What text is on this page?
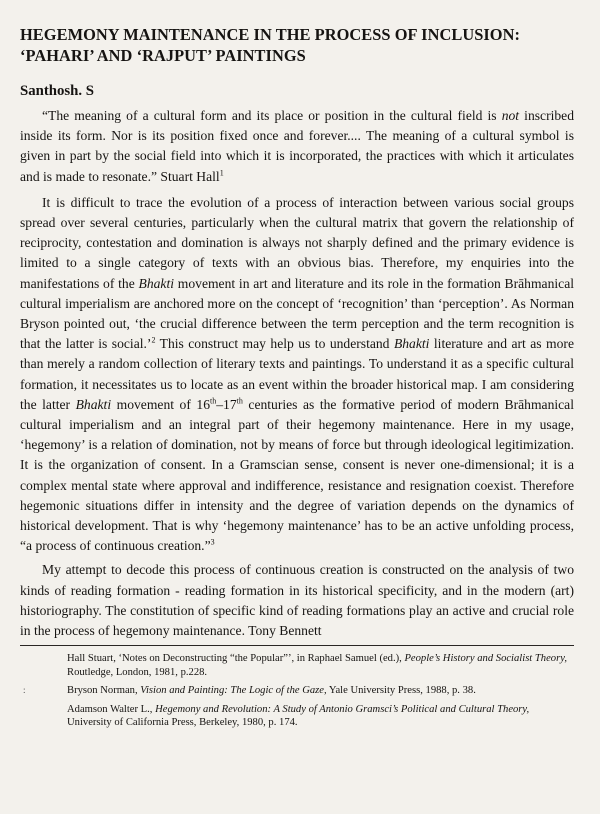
HEGEMONY MAINTENANCE IN THE PROCESS OF INCLUSION:
‘PAHARI’ AND ‘RAJPUT’ PAINTINGS
Santhosh. S

“The meaning of a cultural form and its place or position in the cultural field is not inscribed inside its form. Nor is its position fixed once and forever.... The meaning of a cultural symbol is given in part by the social field into which it is incorporated, the practices with which it articulates and is made to resonate.” Stuart Hall$^1$

It is difficult to trace the evolution of a process of interaction between various social groups spread over several centuries, particularly when the cultural matrix that govern the relationship of reciprocity, contestation and domination is always not sharply defined and the primary evidence is limited to a single category of texts with an obvious bias. Therefore, my enquiries into the manifestations of the Bhakti movement in art and literature and its role in the formation Brāhmanical cultural imperialism are anchored more on the concept of ‘recognition’ than ‘perception’. As Norman Bryson pointed out, ‘the crucial difference between the term perception and the term recognition is that the latter is social.’$^2$ This construct may help us to understand Bhakti literature and art as more than merely a random collection of literary texts and paintings. To understand it as a specific cultural formation, it necessitates us to locate as an event within the broader historical map. I am considering the latter Bhakti movement of 16th–17th centuries as the formative period of modern Brāhmanical cultural imperialism and an integral part of their hegemony maintenance. Here in my usage, ‘hegemony’ is a relation of domination, not by means of force but through ideological legitimization. It is the organization of consent. In a Gramscian sense, consent is never one-dimensional; it is a complex mental state where approval and indifference, resistance and resignation coexist. Therefore hegemonic situations differ in intensity and the degree of variation depends on the dynamics of historical development. That is why ‘hegemony maintenance’ has to be an active unfolding process, “a process of continuous creation.”$^3$

My attempt to decode this process of continuous creation is constructed on the analysis of two kinds of reading formation - reading formation in its historical specificity, and in the modern (art) historiography. The constitution of specific kind of reading formations play an active and crucial role in the process of hegemony maintenance. Tony Bennett

Hall Stuart, ‘Notes on Deconstructing “the Popular”’, in Raphael Samuel (ed.), People’s History and Socialist Theory, Routledge, London, 1981, p.228.
:	Bryson Norman, Vision and Painting: The Logic of the Gaze, Yale University Press, 1988, p. 38.
Adamson Walter L., Hegemony and Revolution: A Study of Antonio Gramsci’s Political and Cultural Theory, University of California Press, Berkeley, 1980, p. 174.
